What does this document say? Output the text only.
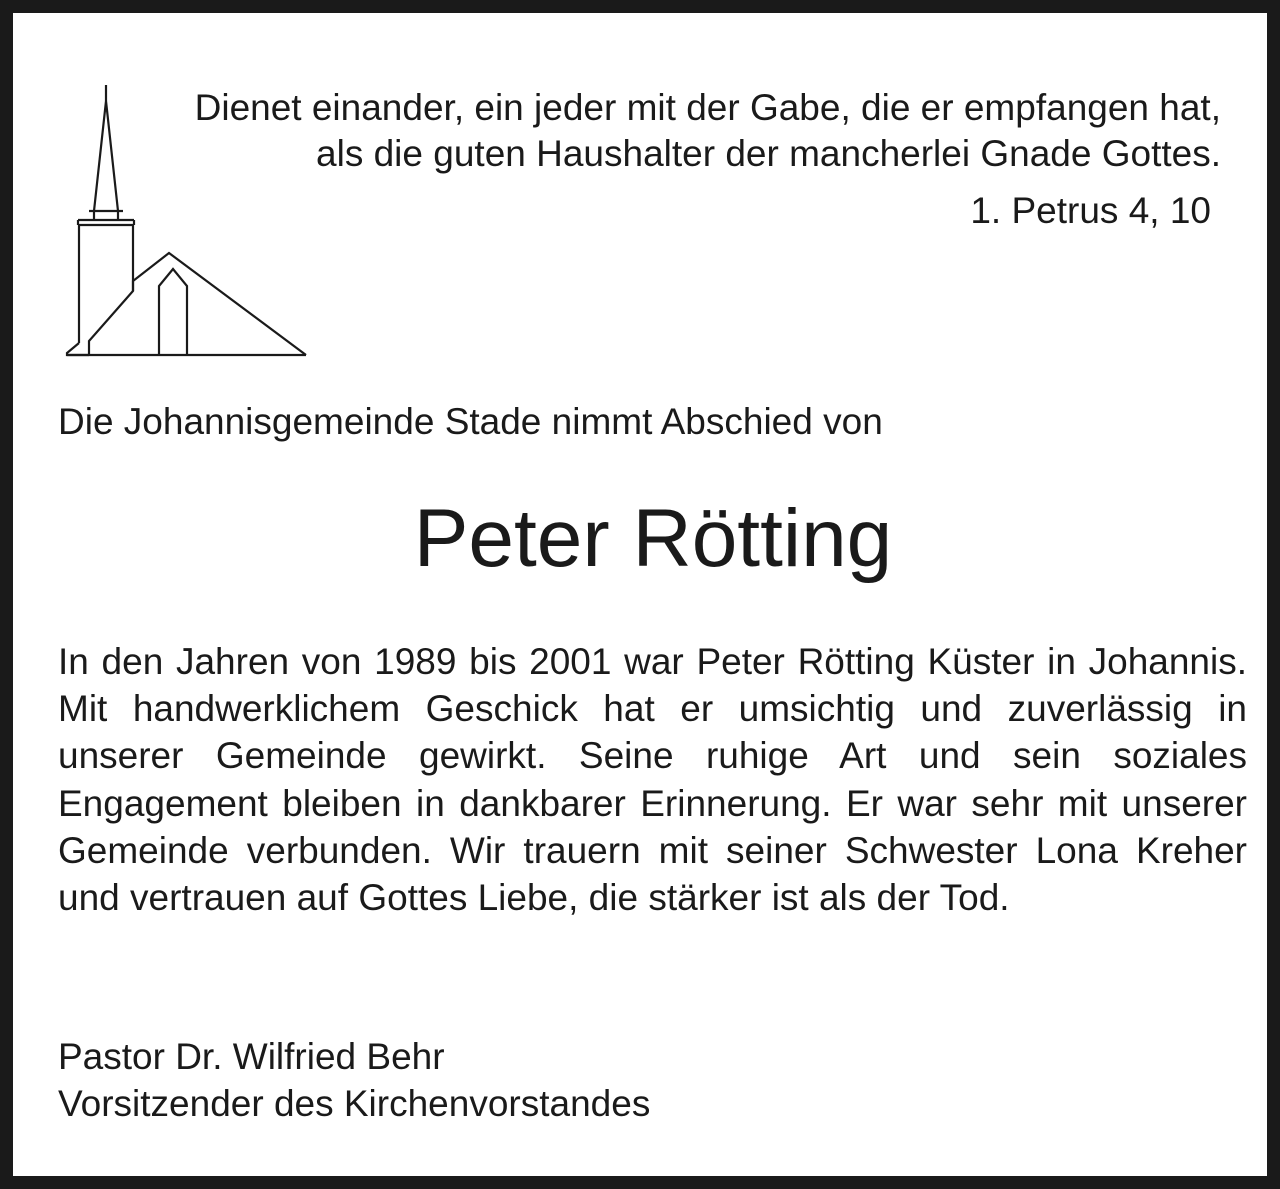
Dienet einander, ein jeder mit der Gabe, die er empfangen hat,
als die guten Haushalter der mancherlei Gnade Gottes.

1. Petrus 4, 10

Die Johannisgemeinde Stade nimmt Abschied von

Peter Rötting

In den Jahren von 1989 bis 2001 war Peter Rötting Küster in Johannis. Mit handwerklichem Geschick hat er umsichtig und zuverlässig in unserer Gemeinde gewirkt. Seine ruhige Art und sein soziales Engagement bleiben in dankbarer Erinnerung. Er war sehr mit unserer Gemeinde verbunden. Wir trauern mit seiner Schwester Lona Kreher und vertrauen auf Gottes Liebe, die stärker ist als der Tod.

Pastor Dr. Wilfried Behr
Vorsitzender des Kirchenvorstandes
